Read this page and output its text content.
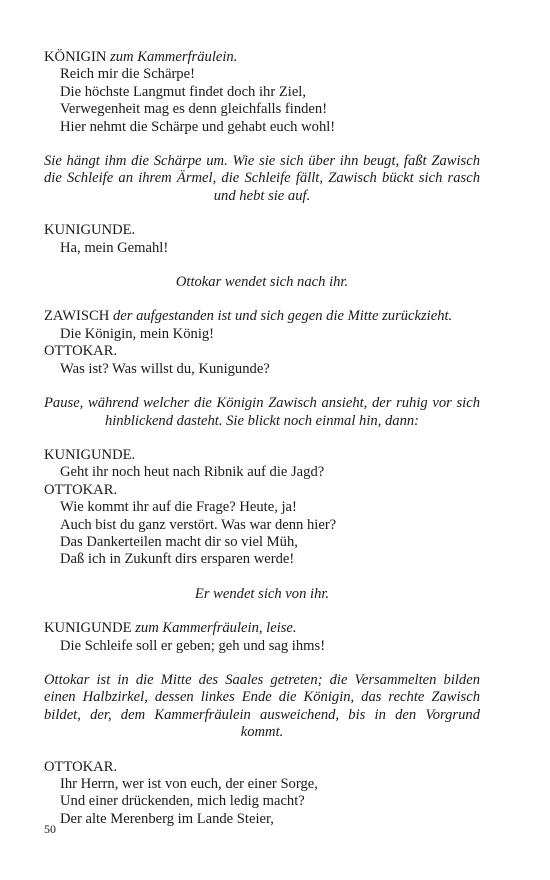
KÖNIGIN zum Kammerfräulein.
Reich mir die Schärpe!
Die höchste Langmut findet doch ihr Ziel,
Verwegenheit mag es denn gleichfalls finden!
Hier nehmt die Schärpe und gehabt euch wohl!
Sie hängt ihm die Schärpe um. Wie sie sich über ihn beugt, faßt Zawisch die Schleife an ihrem Ärmel, die Schleife fällt, Zawisch bückt sich rasch und hebt sie auf.
KUNIGUNDE.
Ha, mein Gemahl!
Ottokar wendet sich nach ihr.
ZAWISCH der aufgestanden ist und sich gegen die Mitte zurückzieht.
Die Königin, mein König!
OTTOKAR.
Was ist? Was willst du, Kunigunde?
Pause, während welcher die Königin Zawisch ansieht, der ruhig vor sich hinblickend dasteht. Sie blickt noch einmal hin, dann:
KUNIGUNDE.
Geht ihr noch heut nach Ribnik auf die Jagd?
OTTOKAR.
Wie kommt ihr auf die Frage? Heute, ja!
Auch bist du ganz verstört. Was war denn hier?
Das Dankerteilen macht dir so viel Müh,
Daß ich in Zukunft dirs ersparen werde!
Er wendet sich von ihr.
KUNIGUNDE zum Kammerfräulein, leise.
Die Schleife soll er geben; geh und sag ihms!
Ottokar ist in die Mitte des Saales getreten; die Versammelten bilden einen Halbzirkel, dessen linkes Ende die Königin, das rechte Zawisch bildet, der, dem Kammerfräulein ausweichend, bis in den Vorgrund kommt.
OTTOKAR.
Ihr Herrn, wer ist von euch, der einer Sorge,
Und einer drückenden, mich ledig macht?
Der alte Merenberg im Lande Steier,
50
